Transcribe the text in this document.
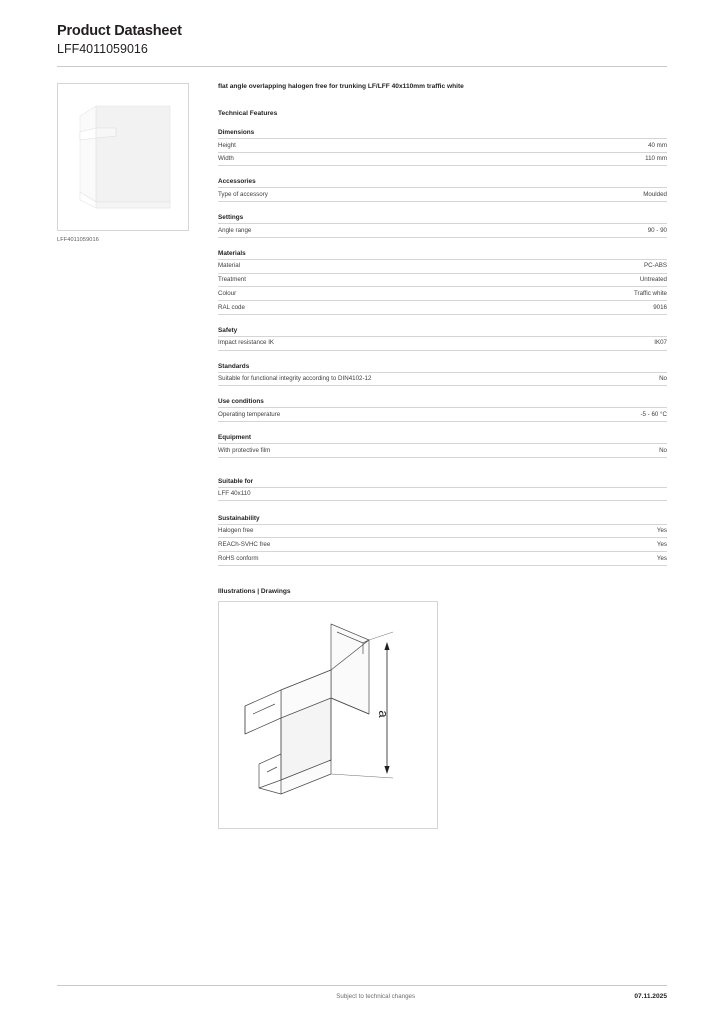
Product Datasheet
LFF4011059016
LFF4011059016
flat angle overlapping halogen free for trunking LF/LFF 40x110mm traffic white
Technical Features
Dimensions
Height	40 mm
Width	110 mm
Accessories
Type of accessory	Moulded
Settings
Angle range	90 - 90
Materials
Material	PC-ABS
Treatment	Untreated
Colour	Traffic white
RAL code	9016
Safety
Impact resistance IK	IK07
Standards
Suitable for functional integrity according to DIN4102-12	No
Use conditions
Operating temperature	-5 - 60 °C
Equipment
With protective film	No
Suitable for
LFF 40x110
Sustainability
Halogen free	Yes
REACh-SVHC free	Yes
RoHS conform	Yes
Illustrations | Drawings
a
Subject to technical changes	07.11.2025
